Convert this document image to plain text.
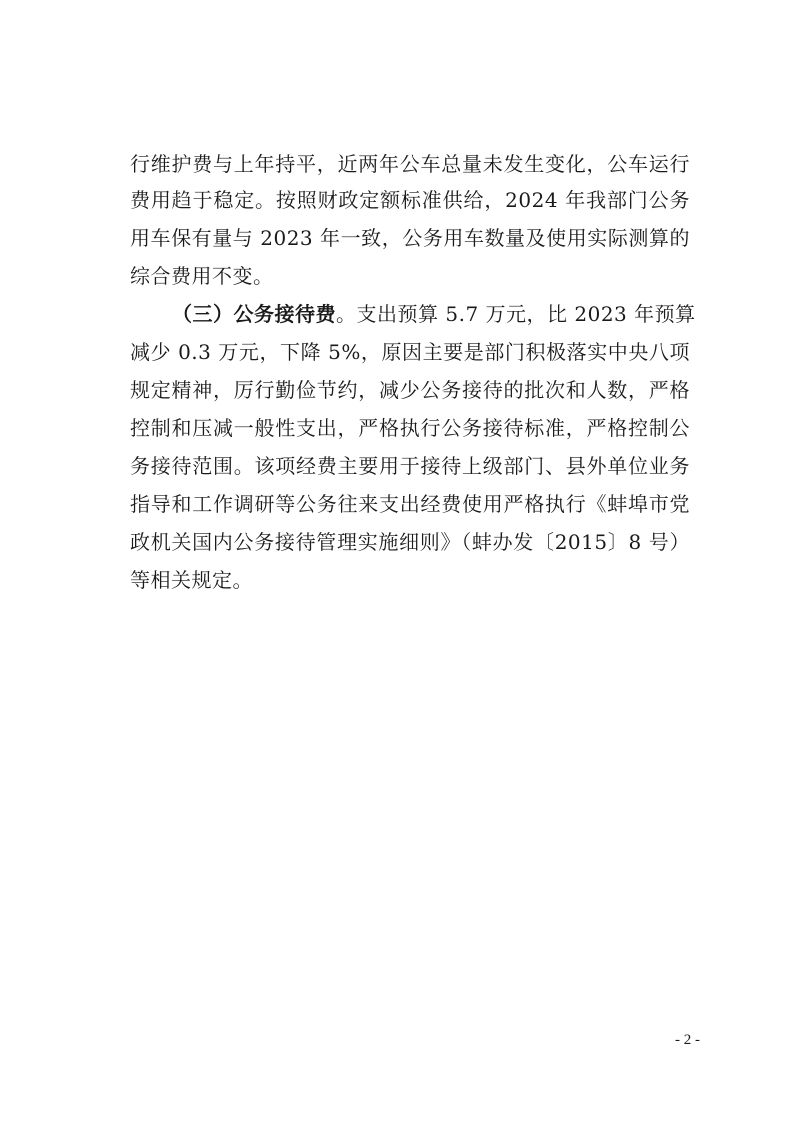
行维护费与上年持平，近两年公车总量未发生变化，公车运行
费用趋于稳定。按照财政定额标准供给，2024 年我部门公务
用车保有量与 2023 年一致，公务用车数量及使用实际测算的
综合费用不变。
（三）公务接待费。支出预算 5.7 万元，比 2023 年预算
减少 0.3 万元，下降 5%，原因主要是部门积极落实中央八项
规定精神，厉行勤俭节约，减少公务接待的批次和人数，严格
控制和压减一般性支出，严格执行公务接待标准，严格控制公
务接待范围。该项经费主要用于接待上级部门、县外单位业务
指导和工作调研等公务往来支出经费使用严格执行《蚌埠市党
政机关国内公务接待管理实施细则》（蚌办发〔2015〕8 号）
等相关规定。
- 2 -
